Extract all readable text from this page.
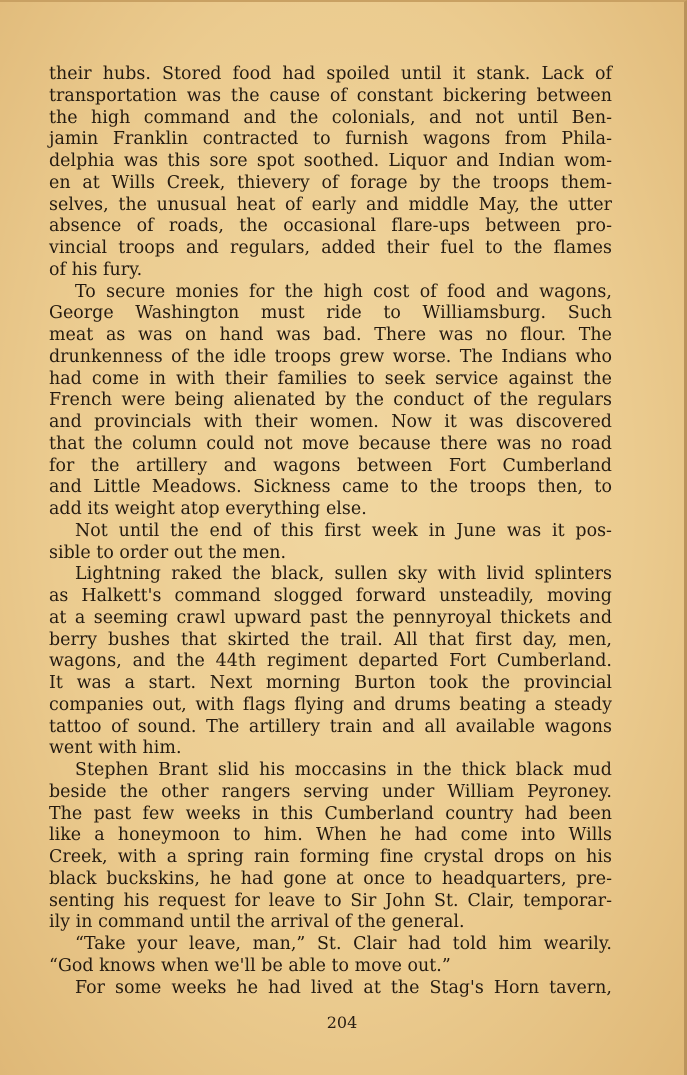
their hubs. Stored food had spoiled until it stank. Lack of
transportation was the cause of constant bickering between
the high command and the colonials, and not until Ben-
jamin Franklin contracted to furnish wagons from Phila-
delphia was this sore spot soothed. Liquor and Indian wom-
en at Wills Creek, thievery of forage by the troops them-
selves, the unusual heat of early and middle May, the utter
absence of roads, the occasional flare-ups between pro-
vincial troops and regulars, added their fuel to the flames
of his fury.
To secure monies for the high cost of food and wagons,
George Washington must ride to Williamsburg. Such
meat as was on hand was bad. There was no flour. The
drunkenness of the idle troops grew worse. The Indians who
had come in with their families to seek service against the
French were being alienated by the conduct of the regulars
and provincials with their women. Now it was discovered
that the column could not move because there was no road
for the artillery and wagons between Fort Cumberland
and Little Meadows. Sickness came to the troops then, to
add its weight atop everything else.
Not until the end of this first week in June was it pos-
sible to order out the men.
Lightning raked the black, sullen sky with livid splinters
as Halkett's command slogged forward unsteadily, moving
at a seeming crawl upward past the pennyroyal thickets and
berry bushes that skirted the trail. All that first day, men,
wagons, and the 44th regiment departed Fort Cumberland.
It was a start. Next morning Burton took the provincial
companies out, with flags flying and drums beating a steady
tattoo of sound. The artillery train and all available wagons
went with him.
Stephen Brant slid his moccasins in the thick black mud
beside the other rangers serving under William Peyroney.
The past few weeks in this Cumberland country had been
like a honeymoon to him. When he had come into Wills
Creek, with a spring rain forming fine crystal drops on his
black buckskins, he had gone at once to headquarters, pre-
senting his request for leave to Sir John St. Clair, temporar-
ily in command until the arrival of the general.
“Take your leave, man,” St. Clair had told him wearily.
“God knows when we'll be able to move out.”
For some weeks he had lived at the Stag's Horn tavern,
204
